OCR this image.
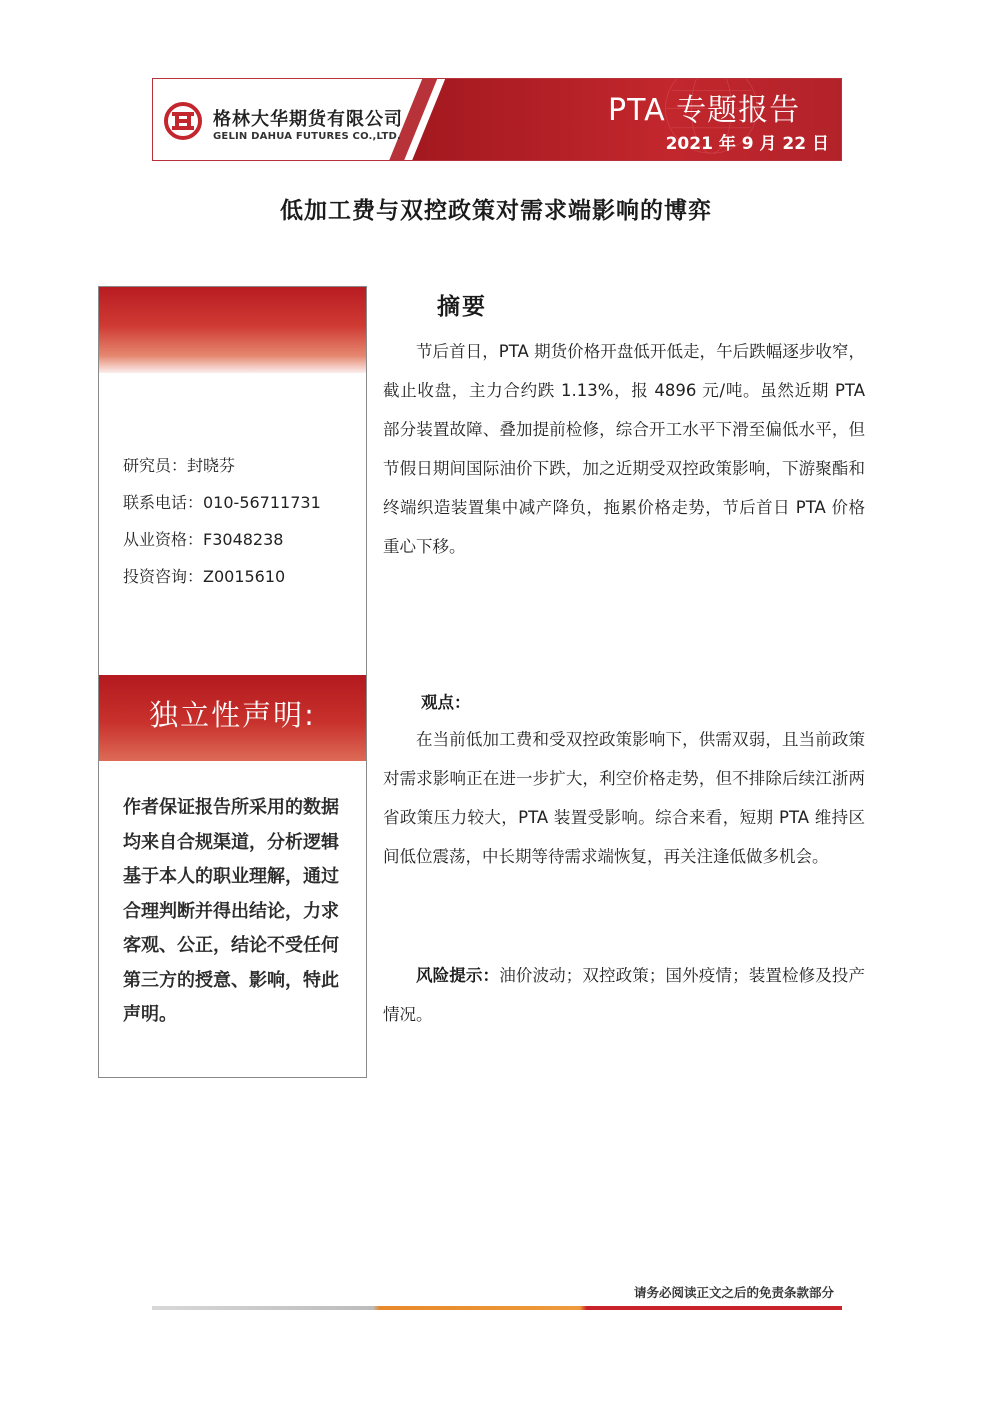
格林大华期货有限公司
GELIN DAHUA FUTURES CO.,LTD.
PTA 专题报告
2021 年 9 月 22 日
低加工费与双控政策对需求端影响的博弈
研究员：封晓芬
联系电话：010-56711731
从业资格：F3048238
投资咨询：Z0015610
独立性声明:
作者保证报告所采用的数据均来自合规渠道，分析逻辑基于本人的职业理解，通过合理判断并得出结论，力求客观、公正，结论不受任何第三方的授意、影响，特此声明。
摘要

节后首日，PTA 期货价格开盘低开低走，午后跌幅逐步收窄，截止收盘，主力合约跌 1.13%，报 4896 元/吨。虽然近期 PTA 部分装置故障、叠加提前检修，综合开工水平下滑至偏低水平，但节假日期间国际油价下跌，加之近期受双控政策影响，下游聚酯和终端织造装置集中减产降负，拖累价格走势，节后首日 PTA 价格重心下移。

观点：

在当前低加工费和受双控政策影响下，供需双弱，且当前政策对需求影响正在进一步扩大，利空价格走势，但不排除后续江浙两省政策压力较大，PTA 装置受影响。综合来看，短期 PTA 维持区间低位震荡，中长期等待需求端恢复，再关注逢低做多机会。

风险提示：油价波动；双控政策；国外疫情；装置检修及投产情况。

请务必阅读正文之后的免责条款部分
